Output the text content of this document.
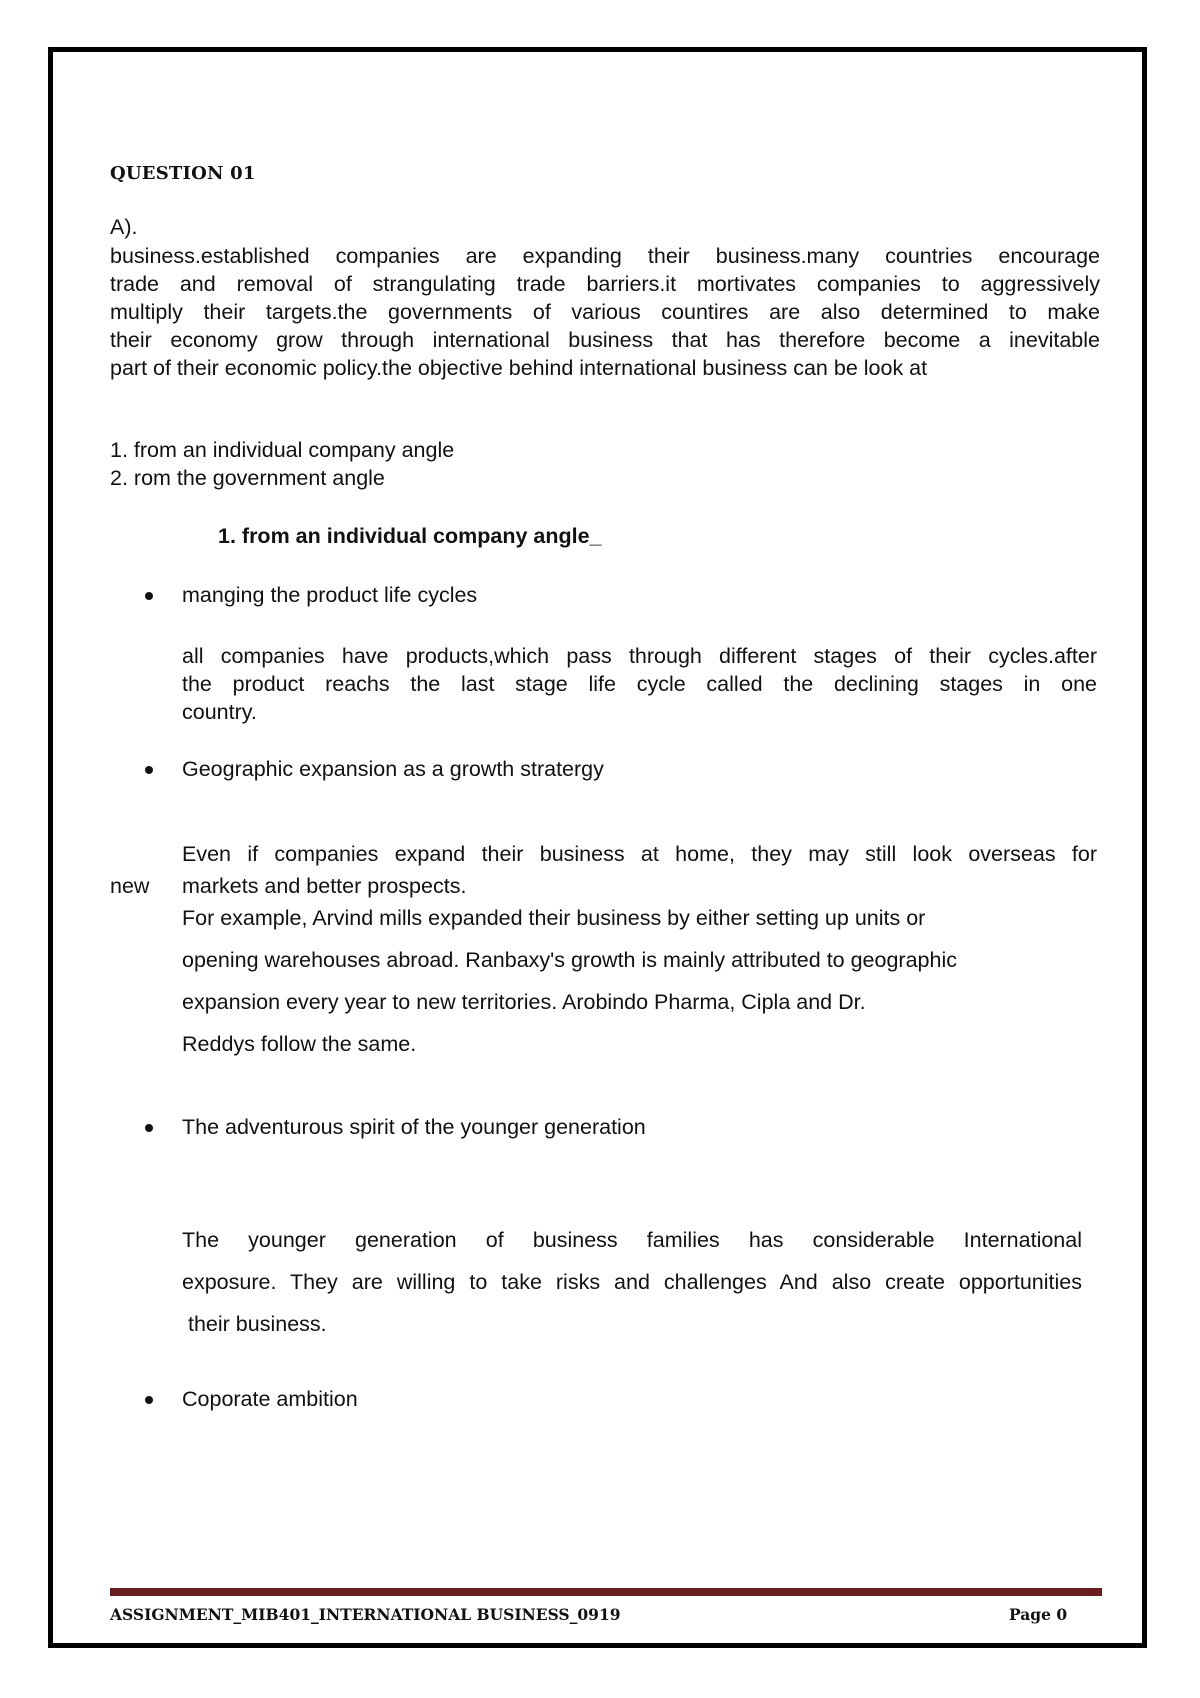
QUESTION 01
A).
business.established companies are expanding their business.many countries encourage
trade and removal of strangulating trade barriers.it mortivates companies to aggressively
multiply their targets.the governments of various countires are also determined to make
their economy grow through international business that has therefore become a inevitable
part of their economic policy.the objective behind international business can be look at
1. from an individual company angle
2. rom the government angle
1. from an individual company angle_
manging the product life cycles
all companies have products,which pass through different stages of their cycles.after
the product reachs the last stage life cycle called the declining stages in one
country.
Geographic expansion as a growth stratergy
Even if companies expand their business at home, they may still look overseas for
new markets and better prospects.
For example, Arvind mills expanded their business by either setting up units or
opening warehouses abroad. Ranbaxy's growth is mainly attributed to geographic
expansion every year to new territories. Arobindo Pharma, Cipla and Dr.
Reddys follow the same.
The adventurous spirit of the younger generation
The younger generation of business families has considerable International
exposure. They are willing to take risks and challenges And also create opportunities
their business.
Coporate ambition
ASSIGNMENT_MIB401_INTERNATIONAL BUSINESS_0919	Page 0
